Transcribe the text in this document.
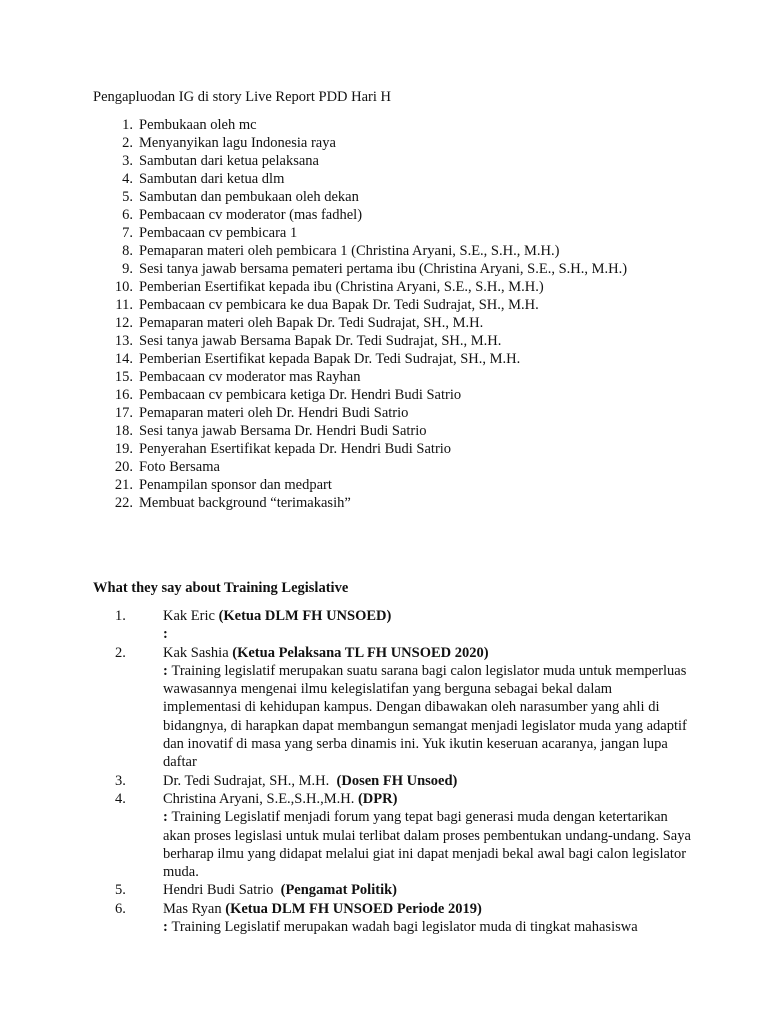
Pengapluodan IG di story Live Report PDD Hari H
1. Pembukaan oleh mc
2. Menyanyikan lagu Indonesia raya
3. Sambutan dari ketua pelaksana
4. Sambutan dari ketua dlm
5. Sambutan dan pembukaan oleh dekan
6. Pembacaan cv moderator (mas fadhel)
7. Pembacaan cv pembicara 1
8. Pemaparan materi oleh pembicara 1 (Christina Aryani, S.E., S.H., M.H.)
9. Sesi tanya jawab bersama pemateri pertama ibu (Christina Aryani, S.E., S.H., M.H.)
10. Pemberian Esertifikat kepada ibu (Christina Aryani, S.E., S.H., M.H.)
11. Pembacaan cv pembicara ke dua Bapak Dr. Tedi Sudrajat, SH., M.H.
12. Pemaparan materi oleh Bapak Dr. Tedi Sudrajat, SH., M.H.
13. Sesi tanya jawab Bersama Bapak Dr. Tedi Sudrajat, SH., M.H.
14. Pemberian Esertifikat kepada Bapak Dr. Tedi Sudrajat, SH., M.H.
15. Pembacaan cv moderator mas Rayhan
16. Pembacaan cv pembicara ketiga Dr. Hendri Budi Satrio
17. Pemaparan materi oleh Dr. Hendri Budi Satrio
18. Sesi tanya jawab Bersama Dr. Hendri Budi Satrio
19. Penyerahan Esertifikat kepada Dr. Hendri Budi Satrio
20. Foto Bersama
21. Penampilan sponsor dan medpart
22. Membuat background “terimakasih”
What they say about Training Legislative
1.	Kak Eric (Ketua DLM FH UNSOED)
:
2.	Kak Sashia (Ketua Pelaksana TL FH UNSOED 2020)
: Training legislatif merupakan suatu sarana bagi calon legislator muda untuk memperluas wawasannya mengenai ilmu kelegislatifan yang berguna sebagai bekal dalam implementasi di kehidupan kampus. Dengan dibawakan oleh narasumber yang ahli di bidangnya, di harapkan dapat membangun semangat menjadi legislator muda yang adaptif dan inovatif di masa yang serba dinamis ini. Yuk ikutin keseruan acaranya, jangan lupa daftar
3.	Dr. Tedi Sudrajat, SH., M.H.  (Dosen FH Unsoed)
4.	Christina Aryani, S.E.,S.H.,M.H. (DPR)
: Training Legislatif menjadi forum yang tepat bagi generasi muda dengan ketertarikan akan proses legislasi untuk mulai terlibat dalam proses pembentukan undang-undang. Saya berharap ilmu yang didapat melalui giat ini dapat menjadi bekal awal bagi calon legislator muda.
5.	Hendri Budi Satrio  (Pengamat Politik)
6.	Mas Ryan (Ketua DLM FH UNSOED Periode 2019)
: Training Legislatif merupakan wadah bagi legislator muda di tingkat mahasiswa
